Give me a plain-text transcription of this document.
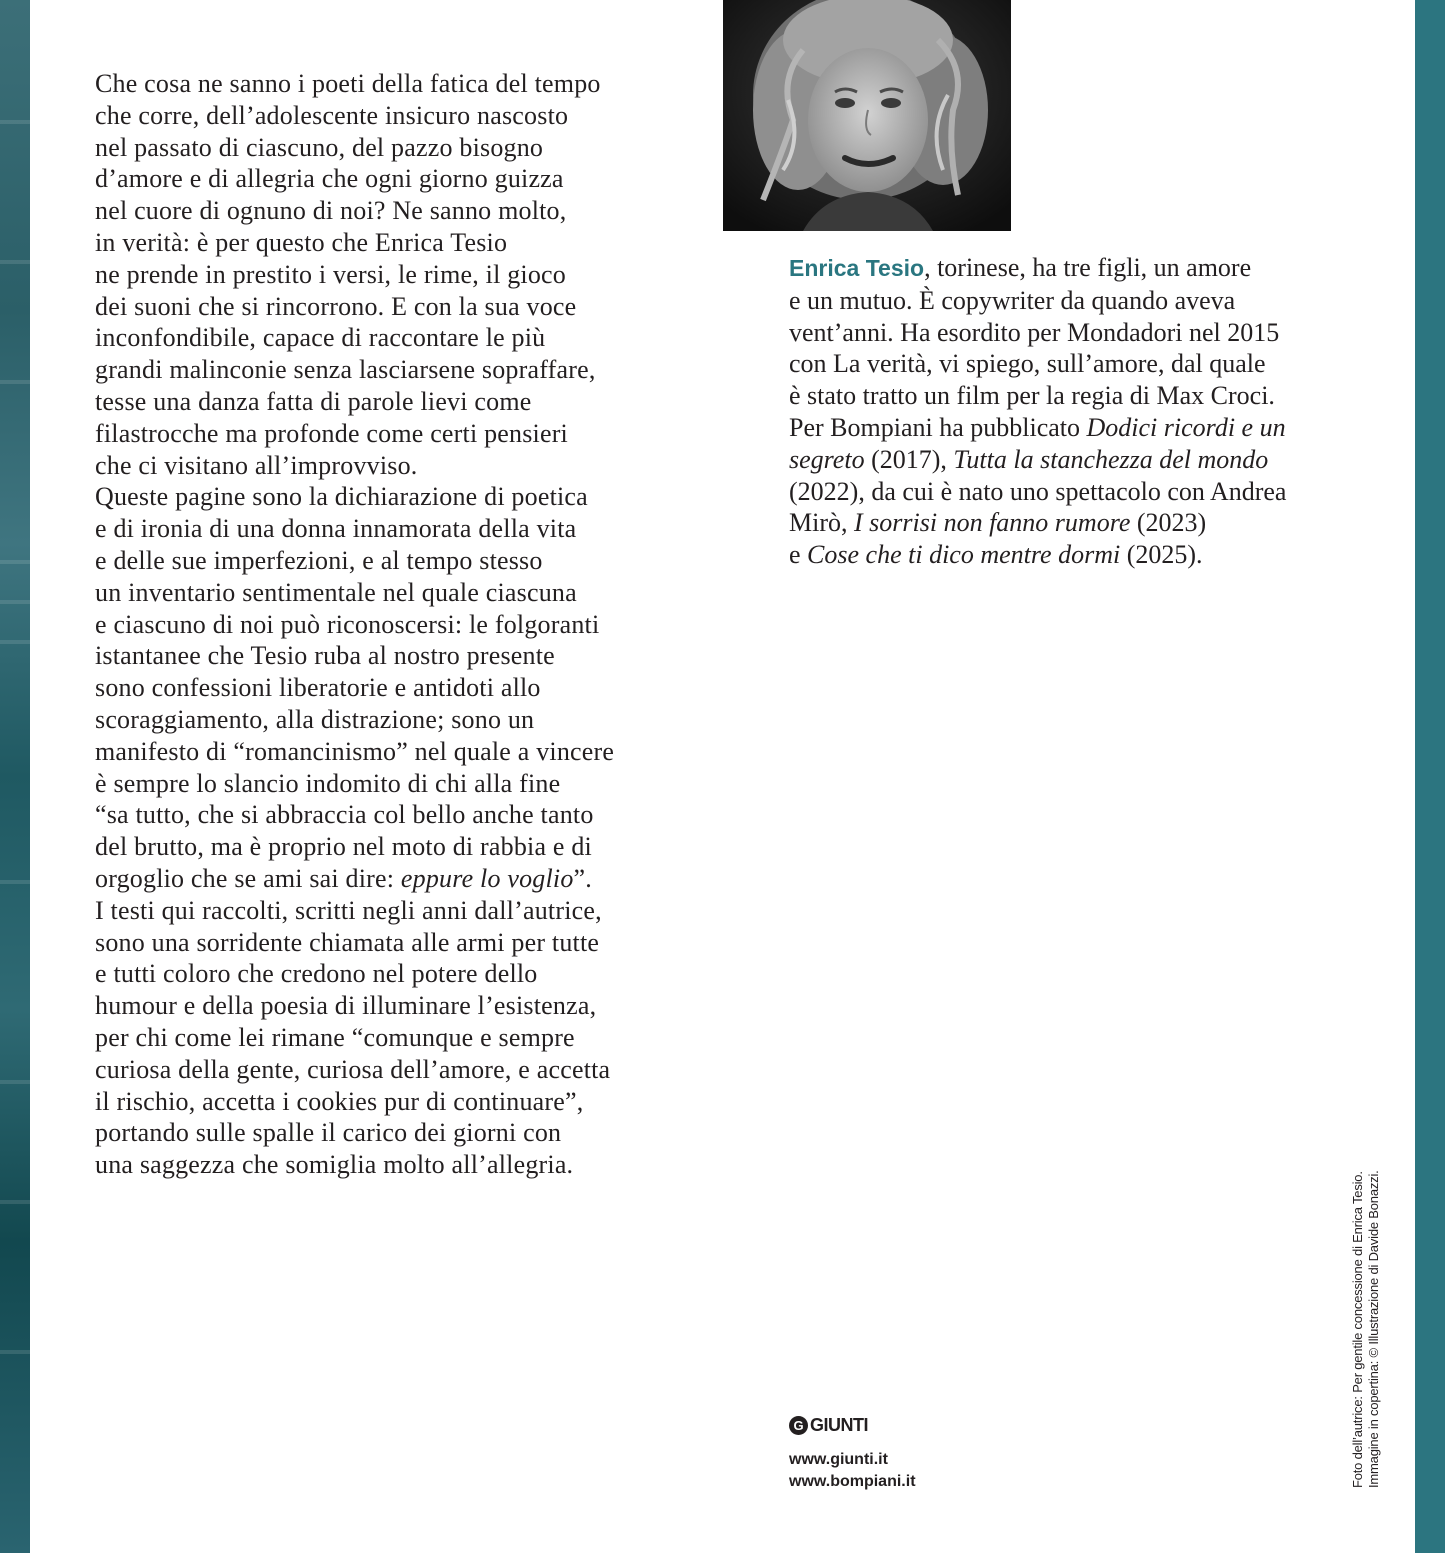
Che cosa ne sanno i poeti della fatica del tempo
che corre, dell’adolescente insicuro nascosto
nel passato di ciascuno, del pazzo bisogno
d’amore e di allegria che ogni giorno guizza
nel cuore di ognuno di noi? Ne sanno molto,
in verità: è per questo che Enrica Tesio
ne prende in prestito i versi, le rime, il gioco
dei suoni che si rincorrono. E con la sua voce
inconfondibile, capace di raccontare le più
grandi malinconie senza lasciarsene sopraffare,
tesse una danza fatta di parole lievi come
filastrocche ma profonde come certi pensieri
che ci visitano all’improvviso.
Queste pagine sono la dichiarazione di poetica
e di ironia di una donna innamorata della vita
e delle sue imperfezioni, e al tempo stesso
un inventario sentimentale nel quale ciascuna
e ciascuno di noi può riconoscersi: le folgoranti
istantanee che Tesio ruba al nostro presente
sono confessioni liberatorie e antidoti allo
scoraggiamento, alla distrazione; sono un
manifesto di “romancinismo” nel quale a vincere
è sempre lo slancio indomito di chi alla fine
“sa tutto, che si abbraccia col bello anche tanto
del brutto, ma è proprio nel moto di rabbia e di
orgoglio che se ami sai dire: eppure lo voglio”.
I testi qui raccolti, scritti negli anni dall’autrice,
sono una sorridente chiamata alle armi per tutte
e tutti coloro che credono nel potere dello
humour e della poesia di illuminare l’esistenza,
per chi come lei rimane “comunque e sempre
curiosa della gente, curiosa dell’amore, e accetta
il rischio, accetta i cookies pur di continuare”,
portando sulle spalle il carico dei giorni con
una saggezza che somiglia molto all’allegria.
Enrica Tesio, torinese, ha tre figli, un amore
e un mutuo. È copywriter da quando aveva
vent’anni. Ha esordito per Mondadori nel 2015
con La verità, vi spiego, sull’amore, dal quale
è stato tratto un film per la regia di Max Croci.
Per Bompiani ha pubblicato Dodici ricordi e un
segreto (2017), Tutta la stanchezza del mondo
(2022), da cui è nato uno spettacolo con Andrea
Mirò, I sorrisi non fanno rumore (2023)
e Cose che ti dico mentre dormi (2025).
G GIUNTI
www.giunti.it
www.bompiani.it	Foto dell’autrice: Per gentile concessione di Enrica Tesio. Immagine in copertina: © Illustrazione di Davide Bonazzi.
